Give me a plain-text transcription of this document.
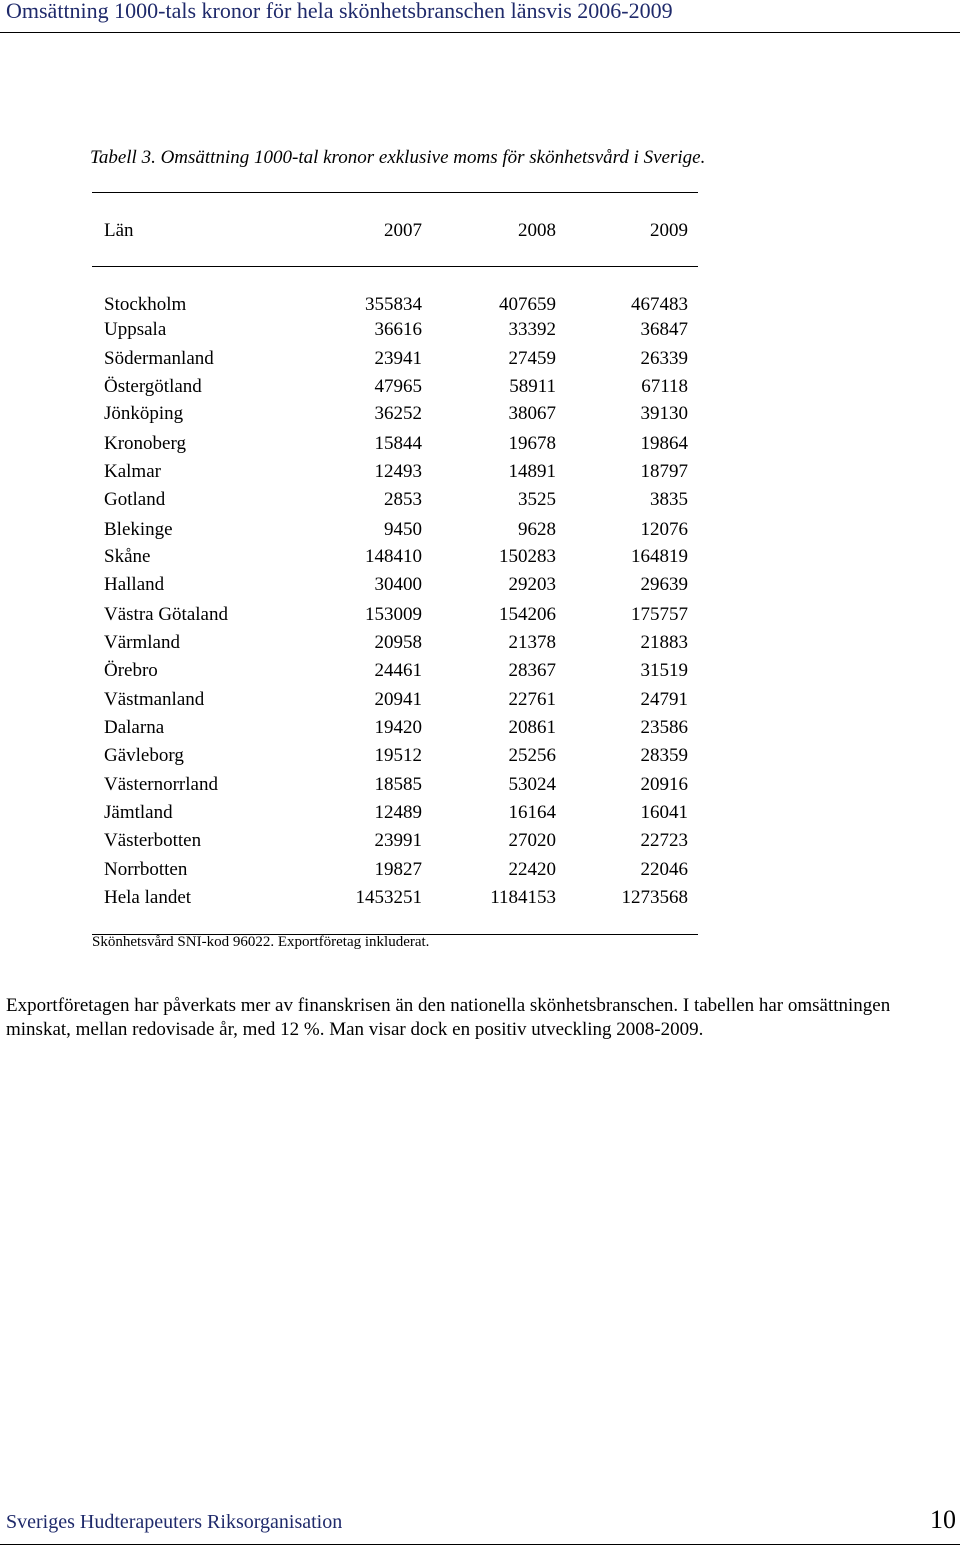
Omsättning 1000-tals kronor för hela skönhetsbranschen länsvis 2006-2009
Tabell 3. Omsättning 1000-tal kronor exklusive moms för skönhetsvård i Sverige.
Län	2007	2008	2009
Stockholm	355834	407659	467483
Uppsala	36616	33392	36847
Södermanland	23941	27459	26339
Östergötland	47965	58911	67118
Jönköping	36252	38067	39130
Kronoberg	15844	19678	19864
Kalmar	12493	14891	18797
Gotland	2853	3525	3835
Blekinge	9450	9628	12076
Skåne	148410	150283	164819
Halland	30400	29203	29639
Västra Götaland	153009	154206	175757
Värmland	20958	21378	21883
Örebro	24461	28367	31519
Västmanland	20941	22761	24791
Dalarna	19420	20861	23586
Gävleborg	19512	25256	28359
Västernorrland	18585	53024	20916
Jämtland	12489	16164	16041
Västerbotten	23991	27020	22723
Norrbotten	19827	22420	22046
Hela landet	1453251	1184153	1273568
Skönhetsvård SNI-kod 96022. Exportföretag inkluderat.
Exportföretagen har påverkats mer av finanskrisen än den nationella skönhetsbranschen. I tabellen har omsättningen minskat, mellan redovisade år, med 12 %. Man visar dock en positiv utveckling 2008-2009.
Sveriges Hudterapeuters Riksorganisation	10
